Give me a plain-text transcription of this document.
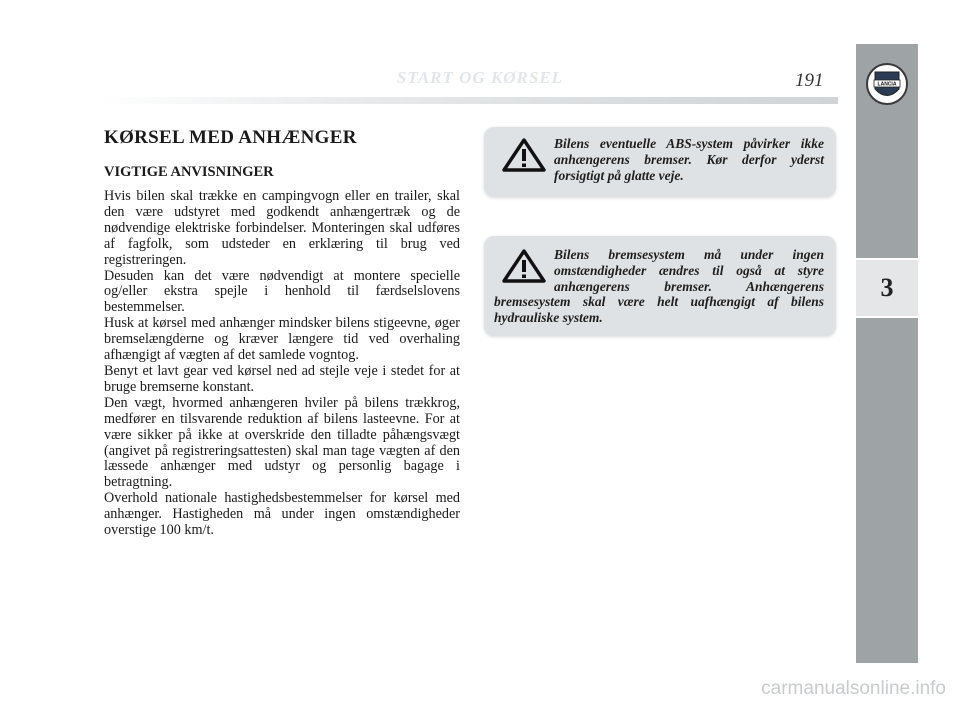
START OG KØRSEL	191	LANCIA
3
KØRSEL MED ANHÆNGER
VIGTIGE ANVISNINGER

Hvis bilen skal trække en campingvogn eller en trailer, skal den være udstyret med godkendt anhængertræk og de nødvendige elektriske forbindelser. Monteringen skal udføres af fagfolk, som udsteder en erklæring til brug ved registreringen.

Desuden kan det være nødvendigt at montere specielle og/eller ekstra spejle i henhold til færdselslovens bestemmelser.

Husk at kørsel med anhænger mindsker bilens stigeevne, øger bremselængderne og kræver længere tid ved overhaling afhængigt af vægten af det samlede vogntog.

Benyt et lavt gear ved kørsel ned ad stejle veje i stedet for at bruge bremserne konstant.

Den vægt, hvormed anhængeren hviler på bilens trækkrog, medfører en tilsvarende reduktion af bilens lasteevne. For at være sikker på ikke at overskride den tilladte påhængsvægt (angivet på registreringsattesten) skal man tage vægten af den læssede anhænger med udstyr og personlig bagage i betragtning.

Overhold nationale hastighedsbestemmelser for kørsel med anhænger. Hastigheden må under ingen omstændigheder overstige 100 km/t.

Bilens eventuelle ABS-system påvirker ikke anhængerens bremser. Kør derfor yderst forsigtigt på glatte veje.
Bilens bremsesystem må under ingen omstændigheder ændres til også at styre anhængerens bremser. Anhængerens bremsesystem skal være helt uafhængigt af bilens hydrauliske system.
carmanualsonline.info
